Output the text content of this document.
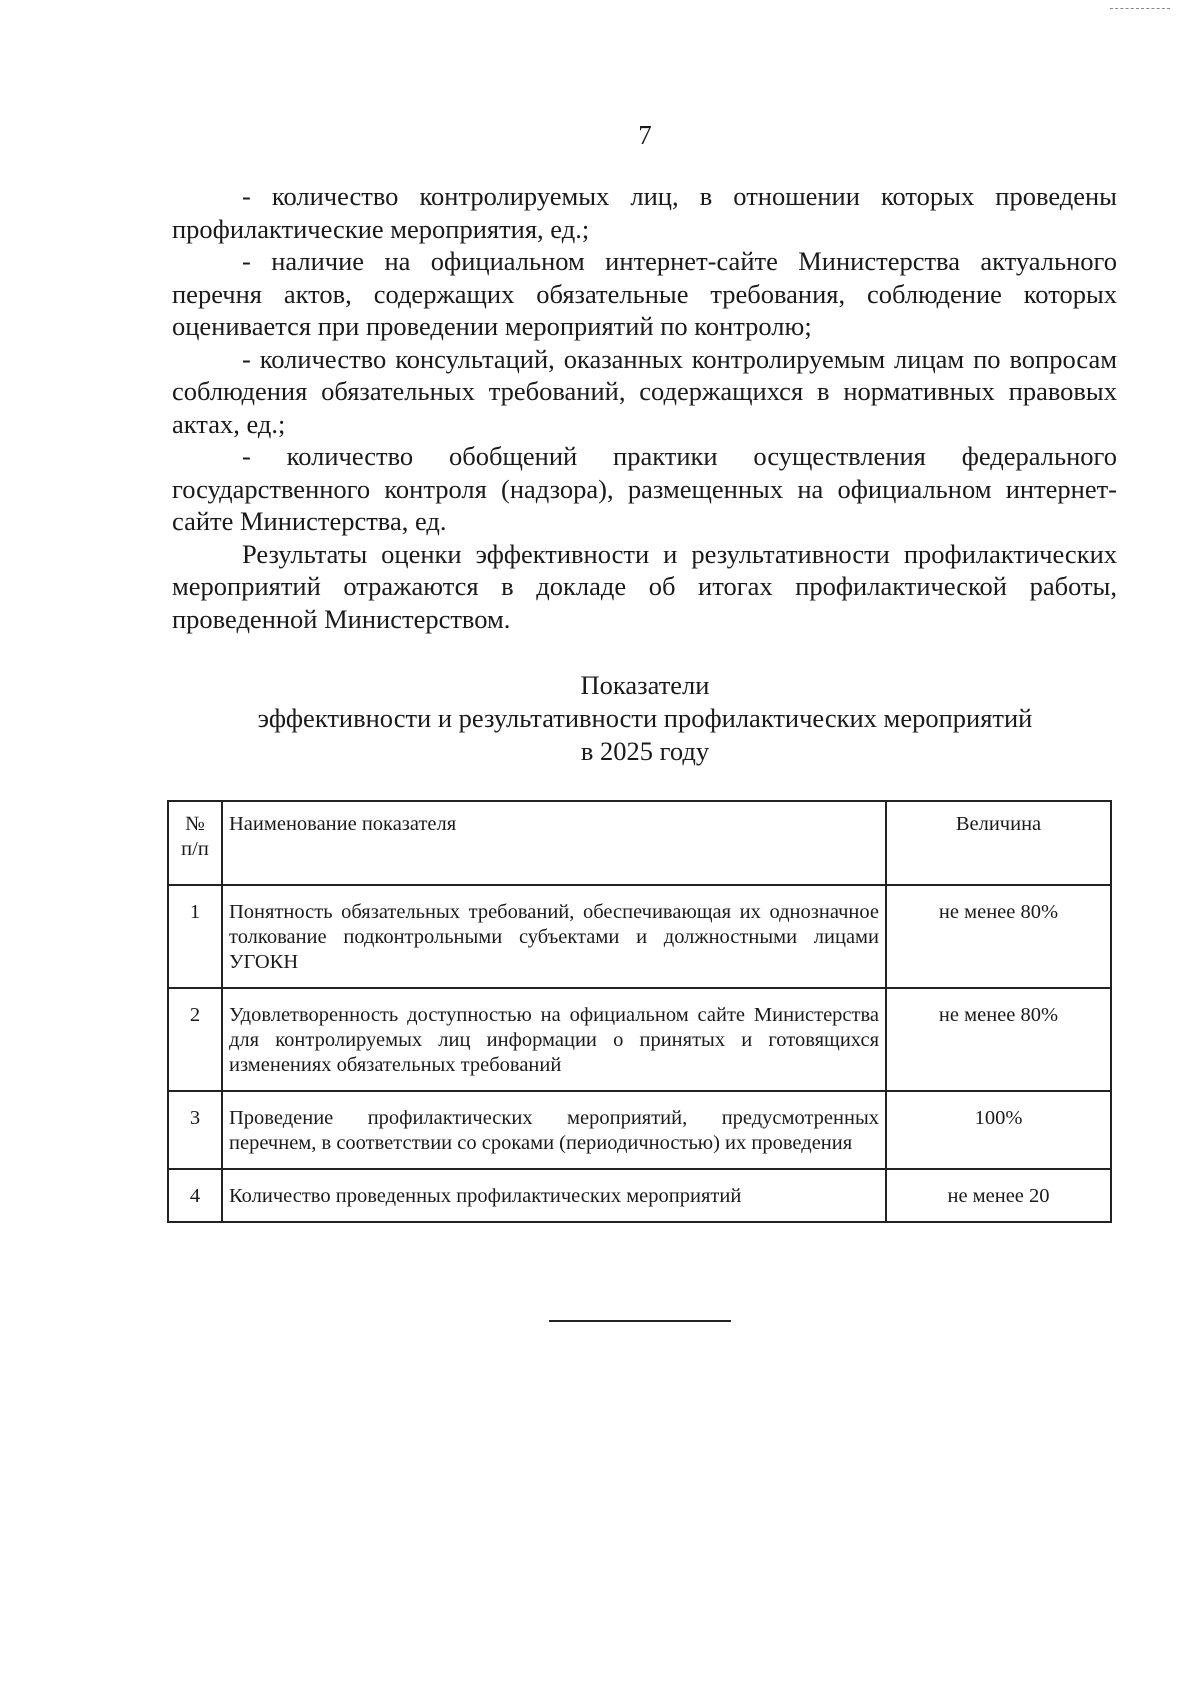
7

- количество контролируемых лиц, в отношении которых проведены профилактические мероприятия, ед.;

- наличие на официальном интернет-сайте Министерства актуального перечня актов, содержащих обязательные требования, соблюдение которых оценивается при проведении мероприятий по контролю;

- количество консультаций, оказанных контролируемым лицам по вопросам соблюдения обязательных требований, содержащихся в нормативных правовых актах, ед.;

- количество обобщений практики осуществления федерального государственного контроля (надзора), размещенных на официальном интернет-сайте Министерства, ед.

Результаты оценки эффективности и результативности профилактических мероприятий отражаются в докладе об итогах профилактической работы, проведенной Министерством.

Показатели
эффективности и результативности профилактических мероприятий
в 2025 году
№ п/п	Наименование показателя	Величина
1	Понятность обязательных требований, обеспечивающая их однозначное толкование подконтрольными субъектами и должностными лицами УГОКН	не менее 80%
2	Удовлетворенность доступностью на официальном сайте Министерства для контролируемых лиц информации о принятых и готовящихся изменениях обязательных требований	не менее 80%
3	Проведение профилактических мероприятий, предусмотренных перечнем, в соответствии со сроками (периодичностью) их проведения	100%
4	Количество проведенных профилактических мероприятий	не менее 20
